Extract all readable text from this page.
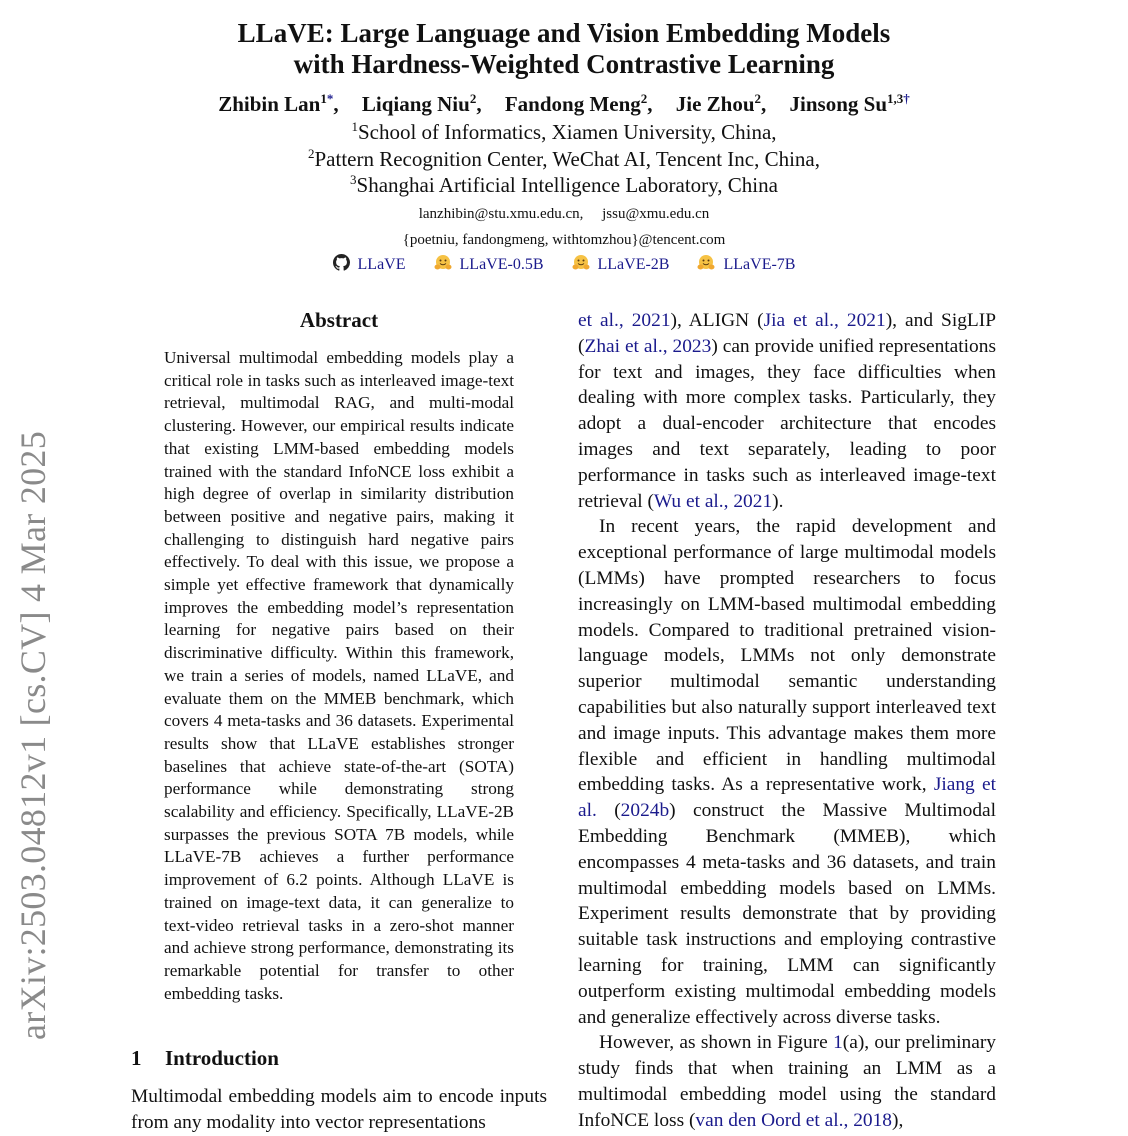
LLaVE: Large Language and Vision Embedding Models
with Hardness-Weighted Contrastive Learning
Zhibin Lan$^{1*}$, Liqiang Niu$^2$, Fandong Meng$^2$, Jie Zhou$^2$, Jinsong $Su^{1,3\dagger}$
$^1$School of Informatics, Xiamen University, China,
$^2$Pattern Recognition Center, WeChat AI, Tencent Inc, China,
$^3$Shanghai Artificial Intelligence Laboratory, China
lanzhibin@stu.xmu.edu.cn,     jssu@xmu.edu.cn
{poetniu, fandongmeng, withtomzhou}@tencent.com
LLaVE
	LLaVE-0.5B
	LLaVE-2B
	LLaVE-7B
arXiv:2503.04812v1 [cs.CV] 4 Mar 2025
Abstract
Universal multimodal embedding models play a critical role in tasks such as interleaved image-text retrieval, multimodal RAG, and multi-modal clustering. However, our empirical results indicate that existing LMM-based embedding models trained with the standard InfoNCE loss exhibit a high degree of overlap in similarity distribution between positive and negative pairs, making it challenging to distinguish hard negative pairs effectively. To deal with this issue, we propose a simple yet effective framework that dynamically improves the embedding model’s representation learning for negative pairs based on their discriminative difficulty. Within this framework, we train a series of models, named LLaVE, and evaluate them on the MMEB benchmark, which covers 4 meta-tasks and 36 datasets. Experimental results show that LLaVE establishes stronger baselines that achieve state-of-the-art (SOTA) performance while demonstrating strong scalability and efficiency. Specifically, LLaVE-2B surpasses the previous SOTA 7B models, while LLaVE-7B achieves a further performance improvement of 6.2 points. Although LLaVE is trained on image-text data, it can generalize to text-video retrieval tasks in a zero-shot manner and achieve strong performance, demonstrating its remarkable potential for transfer to other embedding tasks.
1 Introduction
Multimodal embedding models aim to encode inputs from any modality into vector representations

et al., 2021), ALIGN (Jia et al., 2021), and SigLIP (Zhai et al., 2023) can provide unified representations for text and images, they face difficulties when dealing with more complex tasks. Particularly, they adopt a dual-encoder architecture that encodes images and text separately, leading to poor performance in tasks such as interleaved image-text retrieval (Wu et al., 2021).

In recent years, the rapid development and exceptional performance of large multimodal models (LMMs) have prompted researchers to focus increasingly on LMM-based multimodal embedding models. Compared to traditional pretrained vision-language models, LMMs not only demonstrate superior multimodal semantic understanding capabilities but also naturally support interleaved text and image inputs. This advantage makes them more flexible and efficient in handling multimodal embedding tasks. As a representative work, Jiang et al. (2024b) construct the Massive Multimodal Embedding Benchmark (MMEB), which encompasses 4 meta-tasks and 36 datasets, and train multimodal embedding models based on LMMs. Experiment results demonstrate that by providing suitable task instructions and employing contrastive learning for training, LMM can significantly outperform existing multimodal embedding models and generalize effectively across diverse tasks.

However, as shown in Figure 1(a), our preliminary study finds that when training an LMM as a multimodal embedding model using the standard InfoNCE loss (van den Oord et al., 2018),
